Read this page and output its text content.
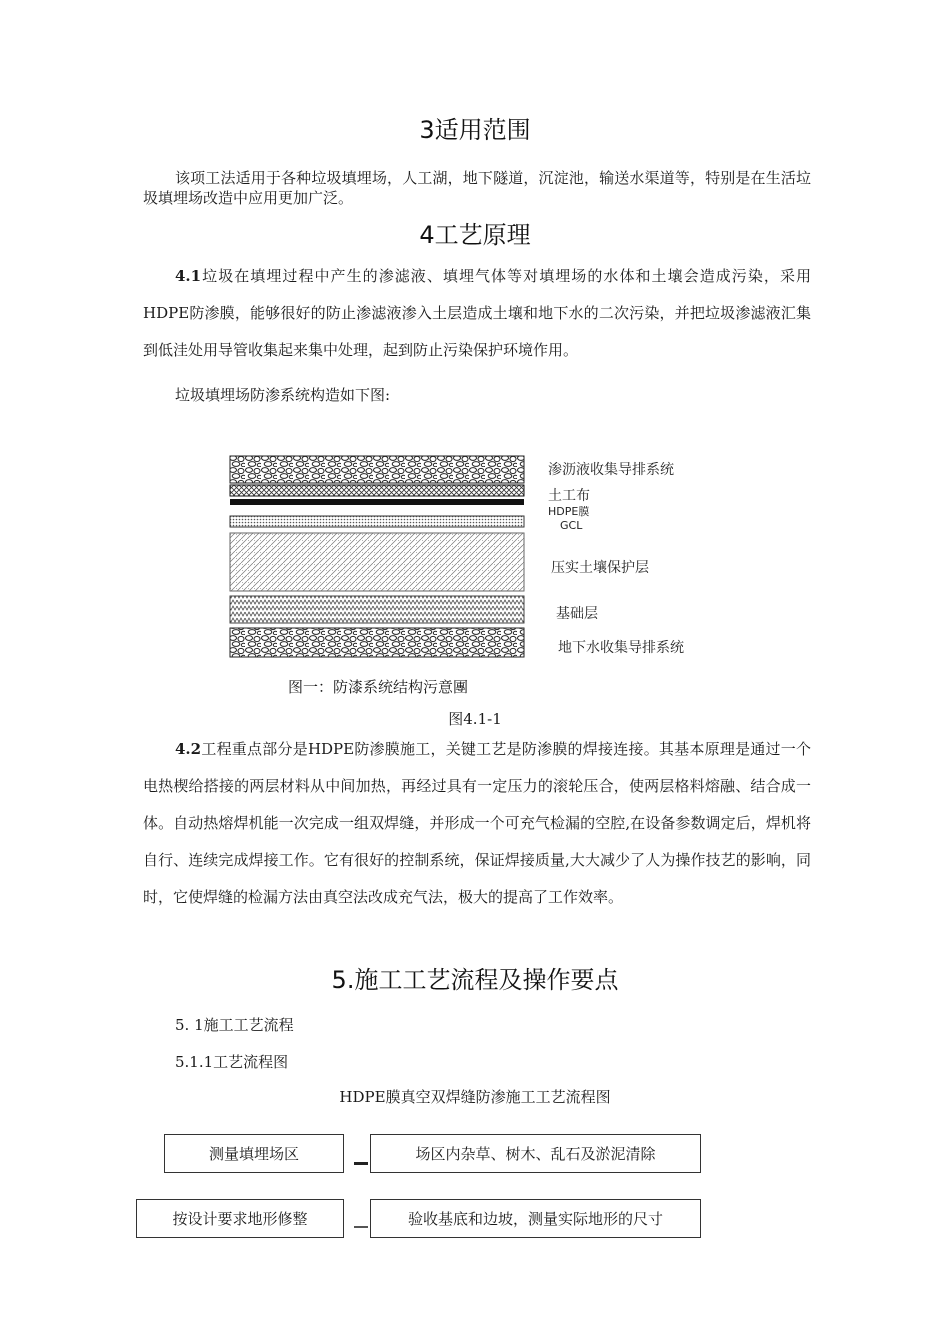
3适用范围
该项工法适用于各种垃圾填埋场，人工湖，地下隧道，沉淀池，输送水渠道等，特别是在生活垃圾填埋场改造中应用更加广泛。
4工艺原理
4.1垃圾在填埋过程中产生的渗滤液、填埋气体等对填埋场的水体和土壤会造成污染，采用HDPE防渗膜，能够很好的防止渗滤液渗入土层造成土壤和地下水的二次污染，并把垃圾渗滤液汇集到低洼处用导管收集起来集中处理，起到防止污染保护环境作用。
垃圾填埋场防渗系统构造如下图:
渗沥液收集导排系统
土工布
HDPE膜
GCL
压实土壤保护层
基础层
地下水收集导排系统
图一：防漆系统结构污意團
图4.1-1
4.2工程重点部分是HDPE防渗膜施工，关键工艺是防渗膜的焊接连接。其基本原理是通过一个电热楔给搭接的两层材料从中间加热，再经过具有一定压力的滚轮压合，使两层格料熔融、结合成一体。自动热熔焊机能一次完成一组双焊缝，并形成一个可充气检漏的空腔,在设备参数调定后，焊机将自行、连续完成焊接工作。它有很好的控制系统，保证焊接质量,大大减少了人为操作技艺的影响，同时，它使焊缝的检漏方法由真空法改成充气法，极大的提高了工作效率。
5.施工工艺流程及操作要点
5. 1施工工艺流程
5.1.1工艺流程图
HDPE膜真空双焊缝防渗施工工艺流程图
测量填埋场区	场区内杂草、树木、乱石及淤泥清除
按设计要求地形修整	验收基底和边坡，测量实际地形的尺寸
